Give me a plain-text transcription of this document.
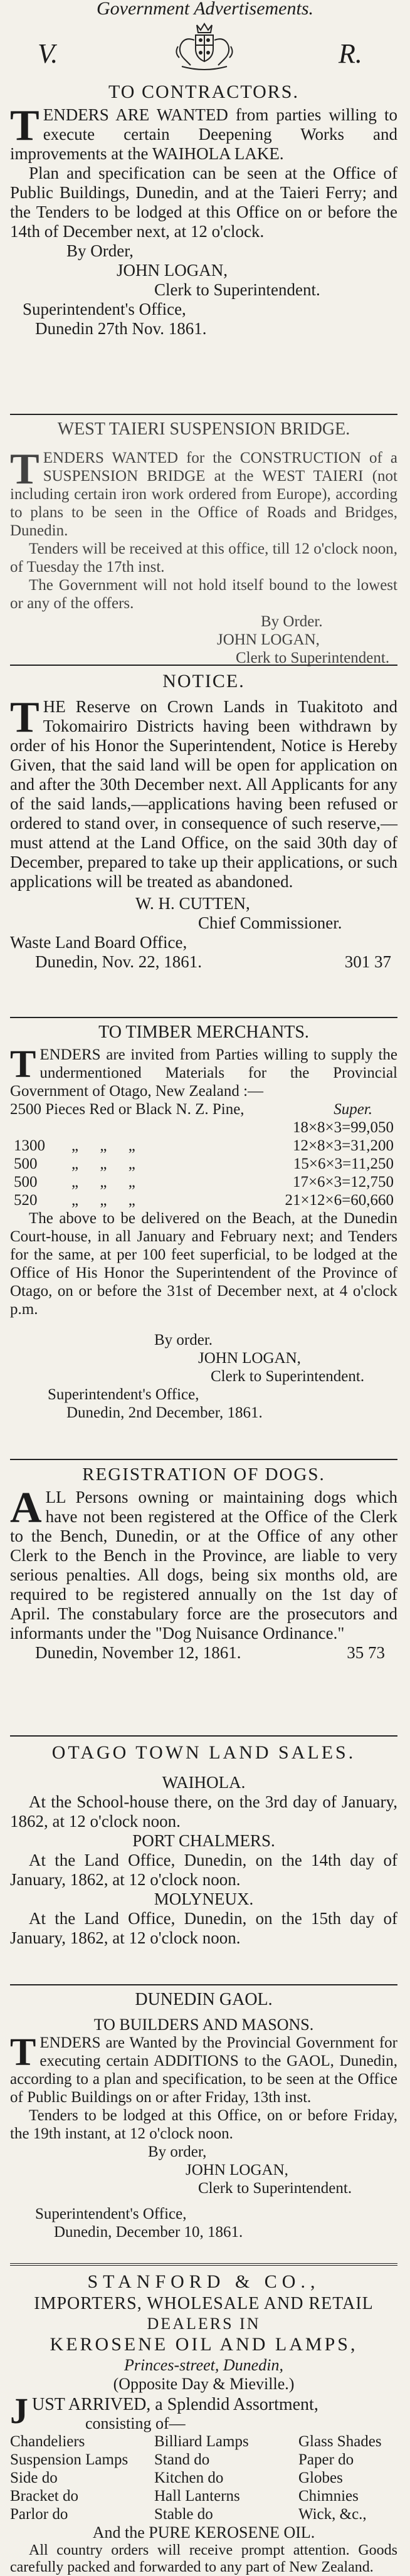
Government Advertisements.
V.	R.
TO CONTRACTORS.
TENDERS ARE WANTED from parties willing to execute certain Deepening Works and improvements at the WAIHOLA LAKE.
Plan and specification can be seen at the Office of Public Buildings, Dunedin, and at the Taieri Ferry; and the Tenders to be lodged at this Office on or before the 14th of December next, at 12 o'clock.
By Order,
JOHN LOGAN,
Clerk to Superintendent.
Superintendent's Office,
Dunedin 27th Nov. 1861.
WEST TAIERI SUSPENSION BRIDGE.
TENDERS WANTED for the CONSTRUCTION of a SUSPENSION BRIDGE at the WEST TAIERI (not including certain iron work ordered from Europe), according to plans to be seen in the Office of Roads and Bridges, Dunedin.
Tenders will be received at this office, till 12 o'clock noon, of Tuesday the 17th inst.
The Government will not hold itself bound to the lowest or any of the offers.
By Order.
JOHN LOGAN,
Clerk to Superintendent.
NOTICE.
THE Reserve on Crown Lands in Tuakitoto and Tokomairiro Districts having been withdrawn by order of his Honor the Superintendent, Notice is Hereby Given, that the said land will be open for application on and after the 30th December next. All Applicants for any of the said lands,—applications having been refused or ordered to stand over, in consequence of such reserve,—must attend at the Land Office, on the said 30th day of December, prepared to take up their applications, or such applications will be treated as abandoned.
W. H. CUTTEN,
Chief Commissioner.
Waste Land Board Office,
Dunedin, Nov. 22, 1861.	301 37
TO TIMBER MERCHANTS.
TENDERS are invited from Parties willing to supply the undermentioned Materials for the Provincial Government of Otago, New Zealand :—
2500 Pieces Red or Black N. Z. Pine,	Super.
		18×8×3=99,050
1300	„ „ „	12×8×3=31,200
500	„ „ „	15×6×3=11,250
500	„ „ „	17×6×3=12,750
520	„ „ „	21×12×6=60,660
The above to be delivered on the Beach, at the Dunedin Court-house, in all January and February next; and Tenders for the same, at per 100 feet superficial, to be lodged at the Office of His Honor the Superintendent of the Province of Otago, on or before the 31st of December next, at 4 o'clock p.m.
By order.
JOHN LOGAN,
Clerk to Superintendent.
Superintendent's Office,
Dunedin, 2nd December, 1861.
REGISTRATION OF DOGS.
ALL Persons owning or maintaining dogs which have not been registered at the Office of the Clerk to the Bench, Dunedin, or at the Office of any other Clerk to the Bench in the Province, are liable to very serious penalties. All dogs, being six months old, are required to be registered annually on the 1st day of April. The constabulary force are the prosecutors and informants under the "Dog Nuisance Ordinance."
Dunedin, November 12, 1861.	35 73
OTAGO TOWN LAND SALES.
WAIHOLA.
At the School-house there, on the 3rd day of January, 1862, at 12 o'clock noon.
PORT CHALMERS.
At the Land Office, Dunedin, on the 14th day of January, 1862, at 12 o'clock noon.
MOLYNEUX.
At the Land Office, Dunedin, on the 15th day of January, 1862, at 12 o'clock noon.
DUNEDIN GAOL.
TO BUILDERS AND MASONS.
TENDERS are Wanted by the Provincial Government for executing certain ADDITIONS to the GAOL, Dunedin, according to a plan and specification, to be seen at the Office of Public Buildings on or after Friday, 13th inst.
Tenders to be lodged at this Office, on or before Friday, the 19th instant, at 12 o'clock noon.
By order,
JOHN LOGAN,
Clerk to Superintendent.
Superintendent's Office,
Dunedin, December 10, 1861.
STANFORD & CO.,
IMPORTERS, WHOLESALE AND RETAIL
DEALERS IN
KEROSENE OIL AND LAMPS,
Princes-street, Dunedin,
(Opposite Day & Mieville.)
JUST ARRIVED, a Splendid Assortment,
consisting of—
Chandeliers	Billiard Lamps	Glass Shades
Suspension Lamps	Stand do	Paper do
Side do	Kitchen do	Globes
Bracket do	Hall Lanterns	Chimnies
Parlor do	Stable do	Wick, &c.,
And the PURE KEROSENE OIL.
All country orders will receive prompt attention. Goods carefully packed and forwarded to any part of New Zealand.
